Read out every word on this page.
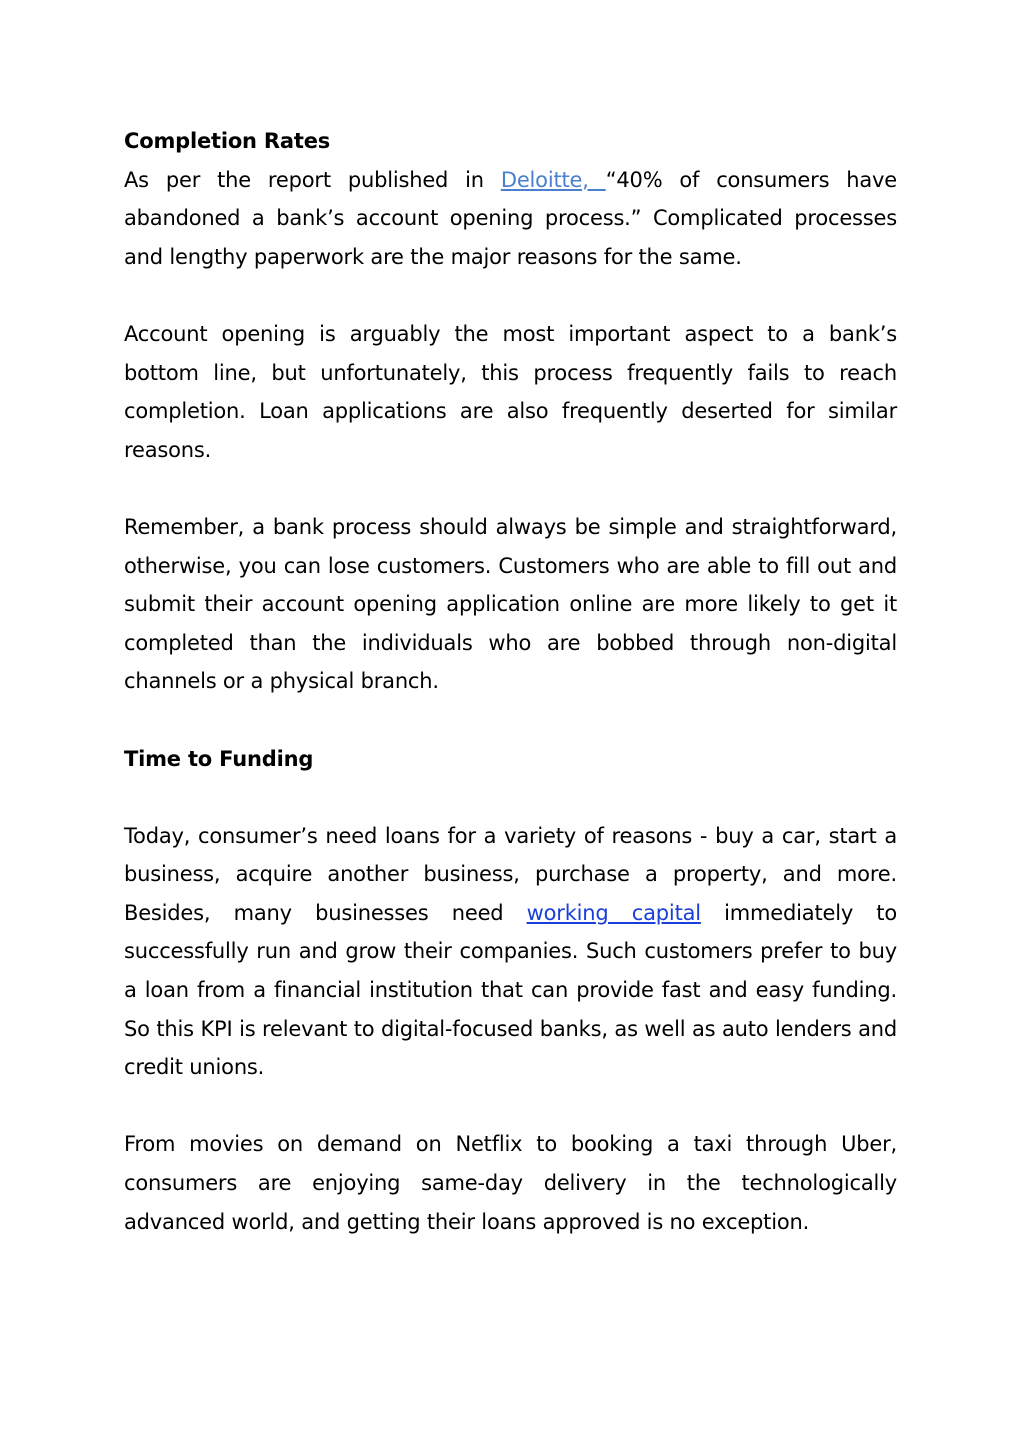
Completion Rates

As per the report published in Deloitte, “40% of consumers have abandoned a bank’s account opening process.” Complicated processes and lengthy paperwork are the major reasons for the same.

Account opening is arguably the most important aspect to a bank’s bottom line, but unfortunately, this process frequently fails to reach completion. Loan applications are also frequently deserted for similar reasons.

Remember, a bank process should always be simple and straightforward, otherwise, you can lose customers. Customers who are able to fill out and submit their account opening application online are more likely to get it completed than the individuals who are bobbed through non-digital channels or a physical branch.

Time to Funding

Today, consumer’s need loans for a variety of reasons - buy a car, start a business, acquire another business, purchase a property, and more. Besides, many businesses need working capital immediately to successfully run and grow their companies. Such customers prefer to buy a loan from a financial institution that can provide fast and easy funding. So this KPI is relevant to digital-focused banks, as well as auto lenders and credit unions.

From movies on demand on Netflix to booking a taxi through Uber, consumers are enjoying same-day delivery in the technologically advanced world, and getting their loans approved is no exception.
